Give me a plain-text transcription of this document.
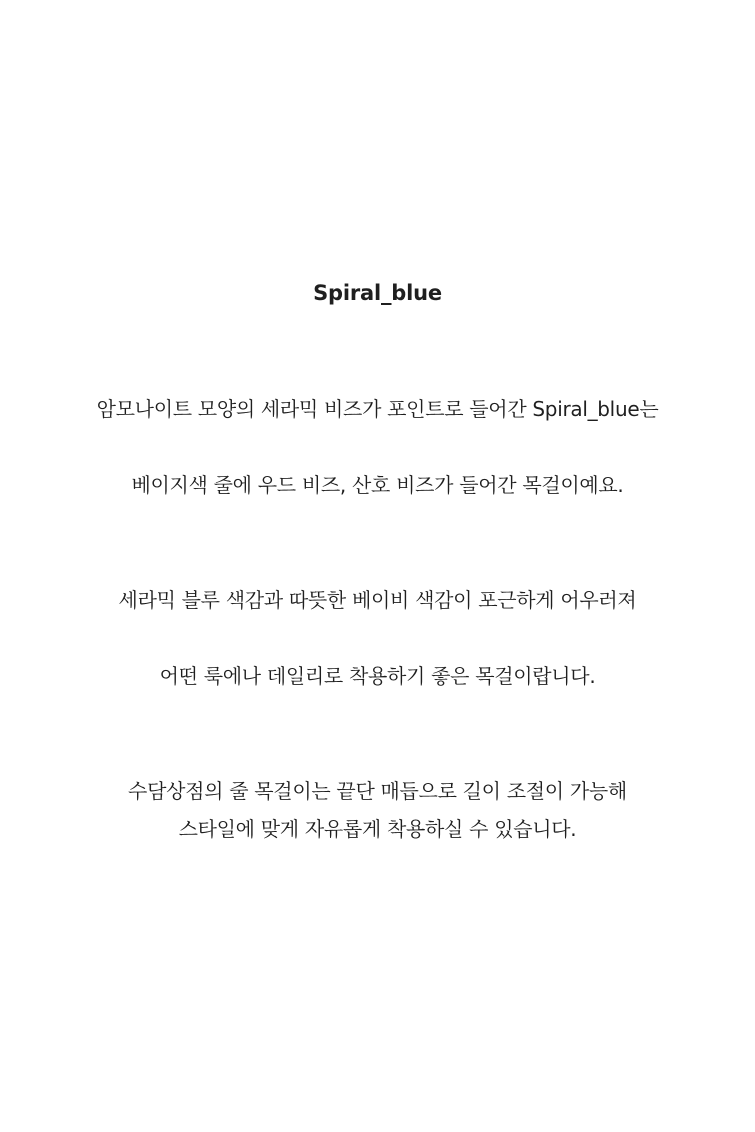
Spiral_blue
암모나이트 모양의 세라믹 비즈가 포인트로 들어간 Spiral_blue는
베이지색 줄에 우드 비즈, 산호 비즈가 들어간 목걸이예요.
세라믹 블루 색감과 따뜻한 베이비 색감이 포근하게 어우러져
어떤 룩에나 데일리로 착용하기 좋은 목걸이랍니다.
수담상점의 줄 목걸이는 끝단 매듭으로 길이 조절이 가능해
스타일에 맞게 자유롭게 착용하실 수 있습니다.
